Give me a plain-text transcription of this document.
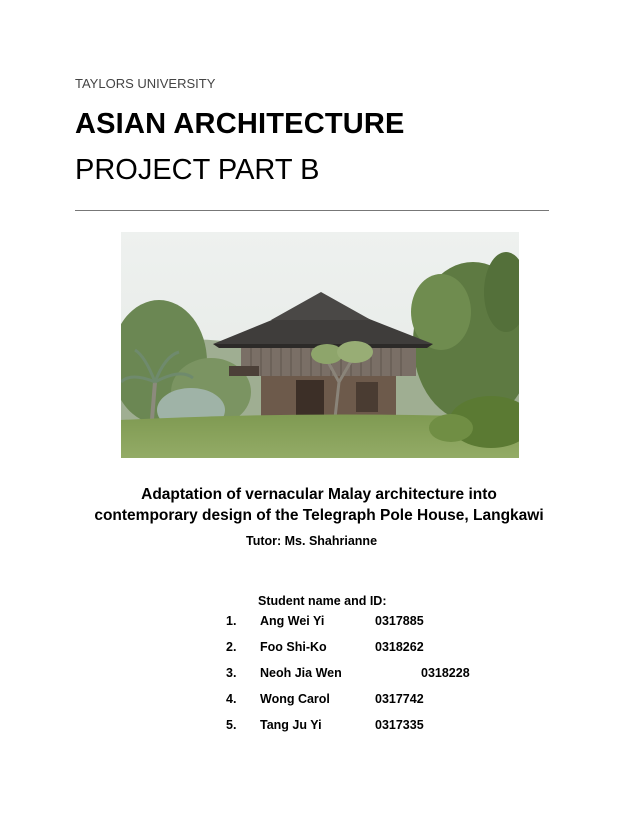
TAYLORS UNIVERSITY
ASIAN ARCHITECTURE
PROJECT PART B
Adaptation of vernacular Malay architecture into
contemporary design of the Telegraph Pole House, Langkawi
Tutor: Ms. Shahrianne
Student name and ID:
1. Ang Wei Yi	0317885
2. Foo Shi-Ko	0318262
3. Neoh Jia Wen	0318228
4. Wong Carol	0317742
5. Tang Ju Yi	0317335
